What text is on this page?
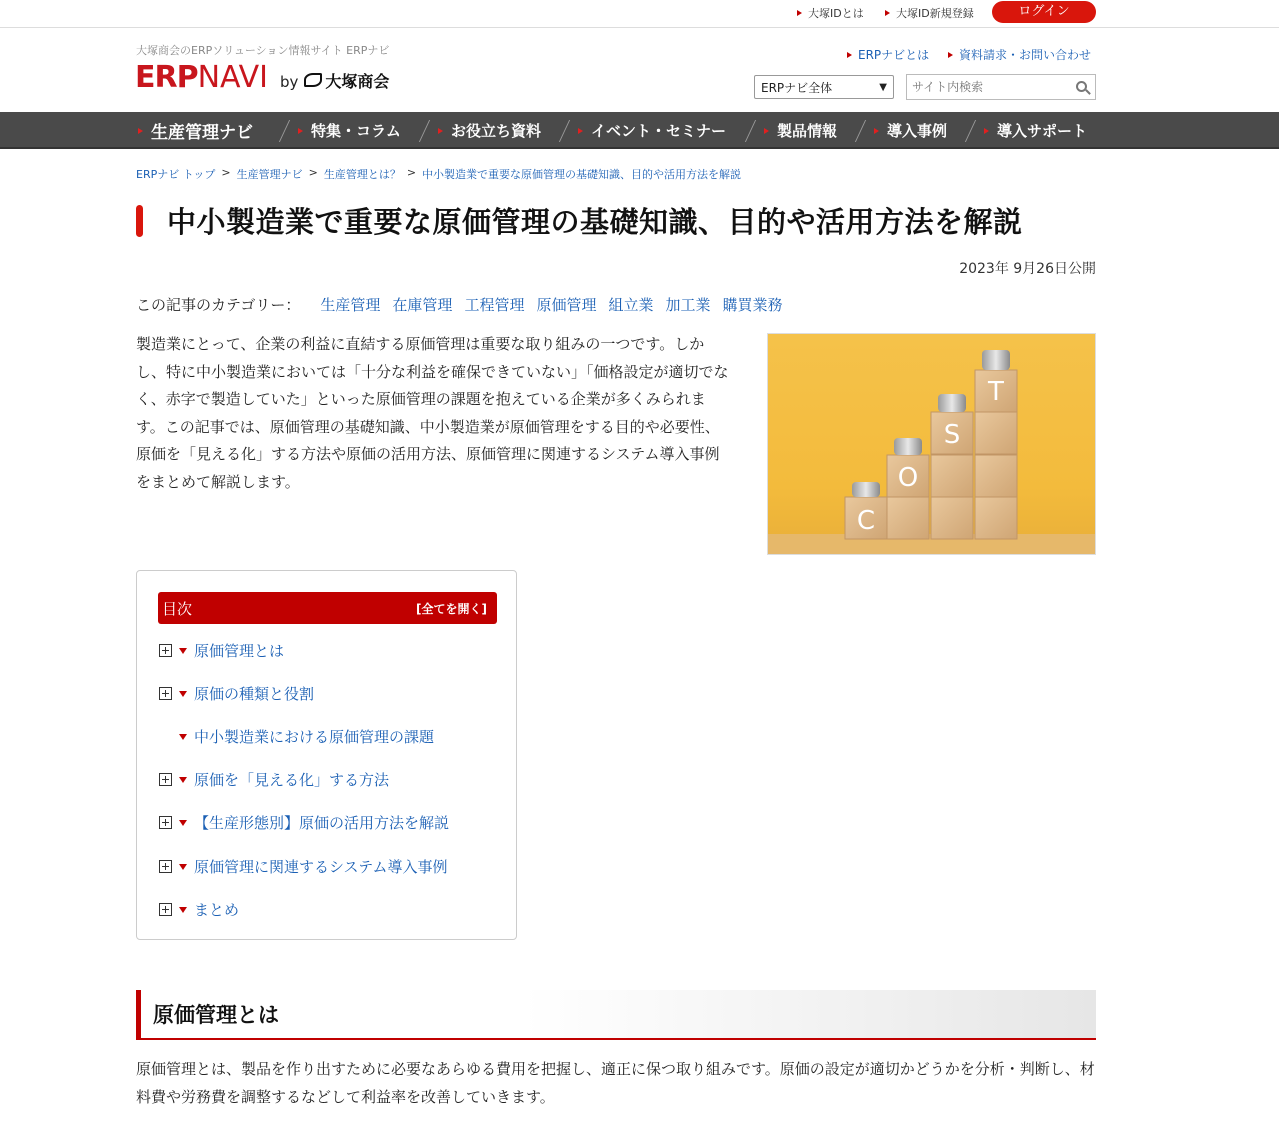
大塚IDとは	大塚ID新規登録	ログイン
大塚商会のERPソリューション情報サイト ERPナビ
ERP NAVI by 大塚商会
ERPナビとは 資料請求・お問い合わせ
ERPナビ全体	▼
サイト内検索
生産管理ナビ	特集・コラム	お役立ち資料	イベント・セミナー	製品情報	導入事例	導入サポート
ERPナビ トップ > 生産管理ナビ > 生産管理とは？ > 中小製造業で重要な原価管理の基礎知識、目的や活用方法を解説
中小製造業で重要な原価管理の基礎知識、目的や活用方法を解説
2023年 9月26日公開
この記事のカテゴリー： 生産管理 在庫管理 工程管理 原価管理 組立業 加工業 購買業務

製造業にとって、企業の利益に直結する原価管理は重要な取り組みの一つです。しかし、特に中小製造業においては「十分な利益を確保できていない」「価格設定が適切でなく、赤字で製造していた」といった原価管理の課題を抱えている企業が多くみられます。この記事では、原価管理の基礎知識、中小製造業が原価管理をする目的や必要性、原価を「見える化」する方法や原価の活用方法、原価管理に関連するシステム導入事例をまとめて解説します。

C
O
S
T
目次	[全てを開く]
原価管理とは
原価の種類と役割
中小製造業における原価管理の課題
原価を「見える化」する方法
【生産形態別】原価の活用方法を解説
原価管理に関連するシステム導入事例
まとめ
原価管理とは

原価管理とは、製品を作り出すために必要なあらゆる費用を把握し、適正に保つ取り組みです。原価の設定が適切かどうかを分析・判断し、材料費や労務費を調整するなどして利益率を改善していきます。
